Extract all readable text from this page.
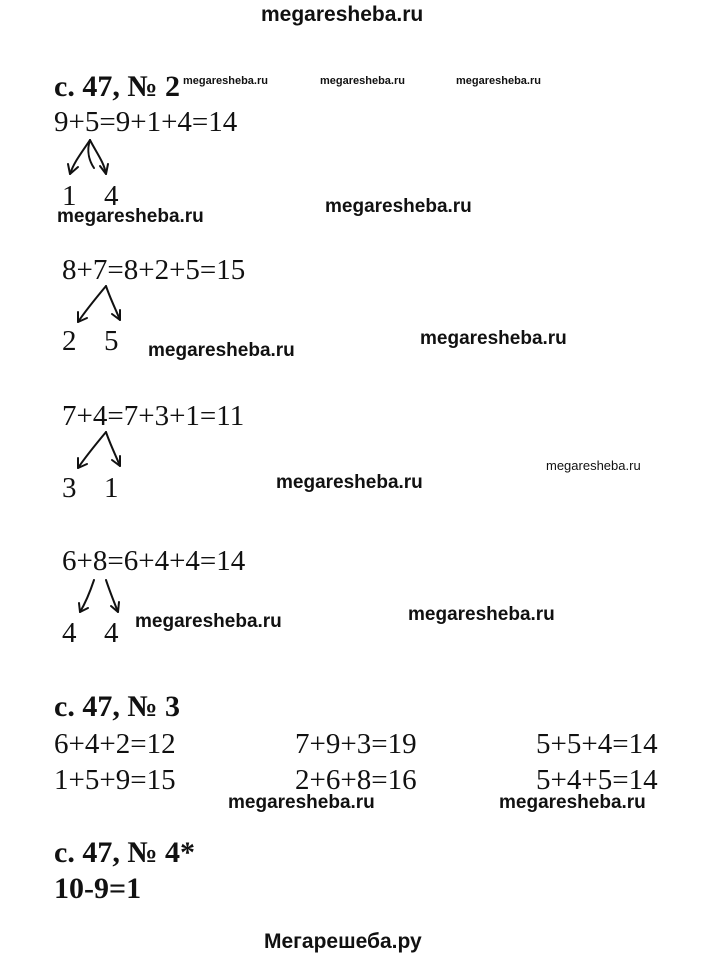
megaresheba.ru
с. 47, № 2 megaresheba.ru	megaresheba.ru	megaresheba.ru
9+5=9+1+4=14
1 4
megaresheba.ru	megaresheba.ru
8+7=8+2+5=15
2 5 megaresheba.ru
megaresheba.ru
7+4=7+3+1=11
3 1	megaresheba.ru
megaresheba.ru
6+8=6+4+4=14
4 4 megaresheba.ru	megaresheba.ru
с. 47, № 3
6+4+2=12	7+9+3=19	5+5+4=14
1+5+9=15	2+6+8=16	5+4+5=14
megaresheba.ru	megaresheba.ru
с. 47, № 4*
10-9=1
Мегарешеба.ру
